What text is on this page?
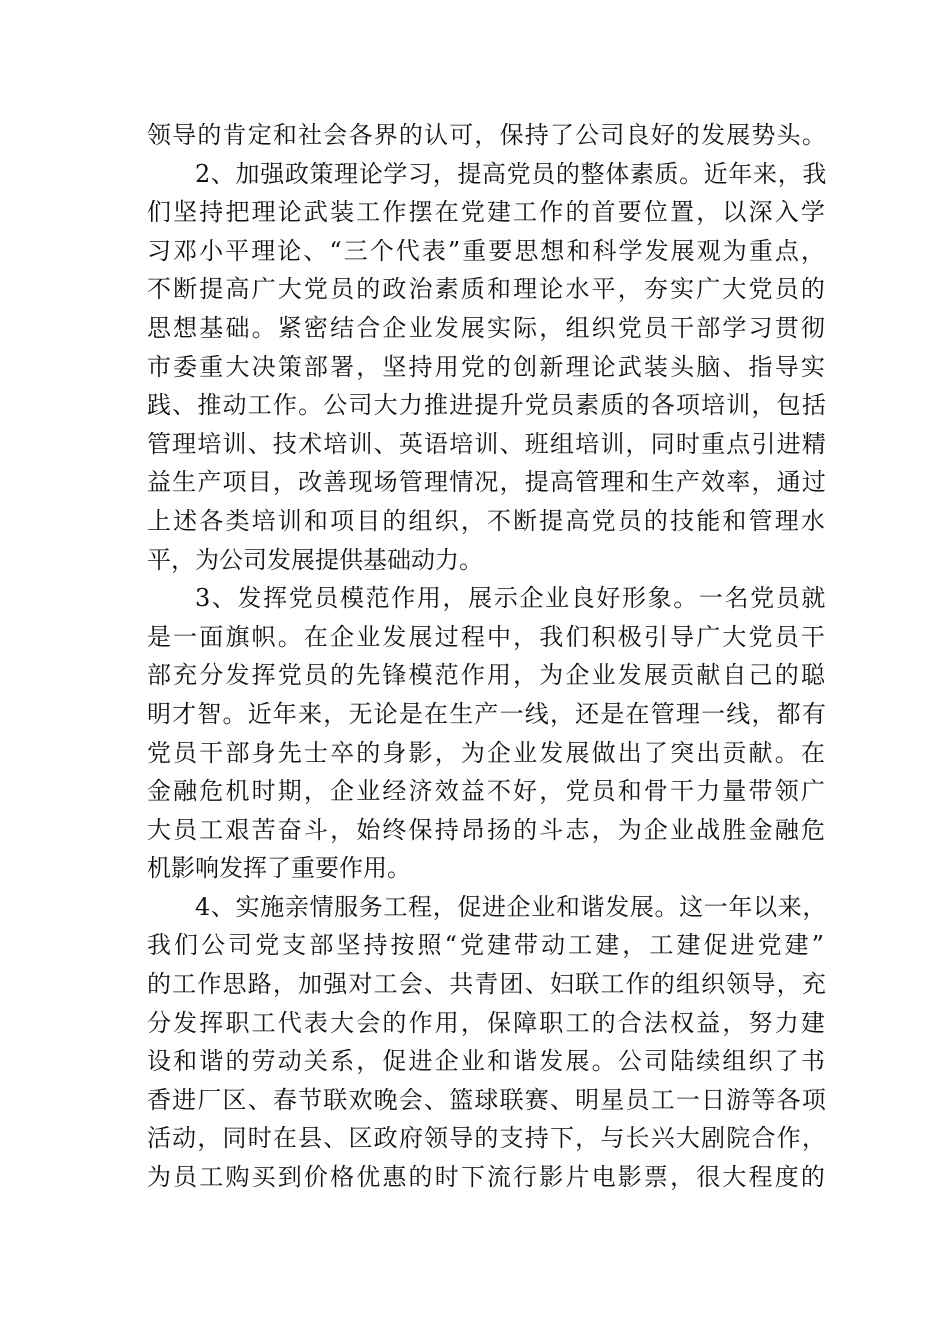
领导的肯定和社会各界的认可，保持了公司良好的发展势头。
2、加强政策理论学习，提高党员的整体素质。近年来，我
们坚持把理论武装工作摆在党建工作的首要位置，以深入学
习邓小平理论、“三个代表”重要思想和科学发展观为重点，
不断提高广大党员的政治素质和理论水平，夯实广大党员的
思想基础。紧密结合企业发展实际，组织党员干部学习贯彻
市委重大决策部署，坚持用党的创新理论武装头脑、指导实
践、推动工作。公司大力推进提升党员素质的各项培训，包括
管理培训、技术培训、英语培训、班组培训，同时重点引进精
益生产项目，改善现场管理情况，提高管理和生产效率，通过
上述各类培训和项目的组织，不断提高党员的技能和管理水
平，为公司发展提供基础动力。
3、发挥党员模范作用，展示企业良好形象。一名党员就
是一面旗帜。在企业发展过程中，我们积极引导广大党员干
部充分发挥党员的先锋模范作用，为企业发展贡献自己的聪
明才智。近年来，无论是在生产一线，还是在管理一线，都有
党员干部身先士卒的身影，为企业发展做出了突出贡献。在
金融危机时期，企业经济效益不好，党员和骨干力量带领广
大员工艰苦奋斗，始终保持昂扬的斗志，为企业战胜金融危
机影响发挥了重要作用。
4、实施亲情服务工程，促进企业和谐发展。这一年以来，
我们公司党支部坚持按照“党建带动工建，工建促进党建”
的工作思路，加强对工会、共青团、妇联工作的组织领导，充
分发挥职工代表大会的作用，保障职工的合法权益，努力建
设和谐的劳动关系，促进企业和谐发展。公司陆续组织了书
香进厂区、春节联欢晚会、篮球联赛、明星员工一日游等各项
活动，同时在县、区政府领导的支持下，与长兴大剧院合作，
为员工购买到价格优惠的时下流行影片电影票，很大程度的
